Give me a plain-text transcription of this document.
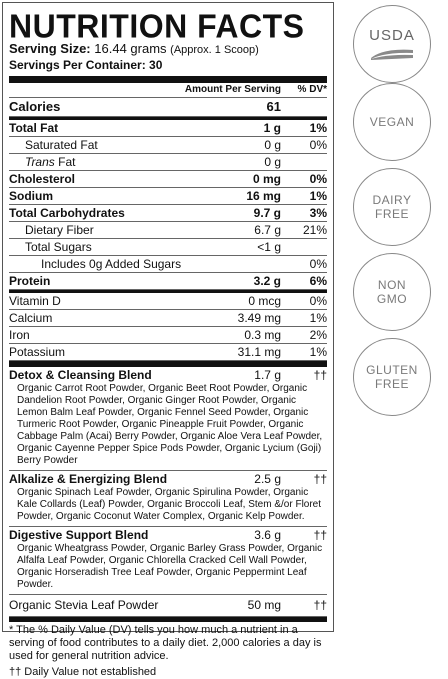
NUTRITION FACTS
Serving Size: 16.44 grams (Approx. 1 Scoop)
Servings Per Container: 30
Amount Per Serving	% DV*
Calories	61
Total Fat	1 g	1%
Saturated Fat	0 g	0%
Trans Fat	0 g
Cholesterol	0 mg	0%
Sodium	16 mg	1%
Total Carbohydrates	9.7 g	3%
Dietary Fiber	6.7 g	21%
Total Sugars	<1 g
Includes 0g Added Sugars	0%
Protein	3.2 g	6%
Vitamin D	0 mcg	0%
Calcium	3.49 mg	1%
Iron	0.3 mg	2%
Potassium	31.1 mg	1%
Detox & Cleansing Blend	1.7 g	††
Organic Carrot Root Powder, Organic Beet Root Powder, Organic Dandelion Root Powder, Organic Ginger Root Powder, Organic Lemon Balm Leaf Powder, Organic Fennel Seed Powder, Organic Turmeric Root Powder, Organic Pineapple Fruit Powder, Organic Cabbage Palm (Acai) Berry Powder, Organic Aloe Vera Leaf Powder, Organic Cayenne Pepper Spice Pods Powder, Organic Lycium (Goji) Berry Powder
Alkalize & Energizing Blend	2.5 g	††
Organic Spinach Leaf Powder, Organic Spirulina Powder, Organic Kale Collards (Leaf) Powder, Organic Broccoli Leaf, Stem &/or Floret Powder, Organic Coconut Water Complex, Organic Kelp Powder.
Digestive Support Blend	3.6 g	††
Organic Wheatgrass Powder, Organic Barley Grass Powder, Organic Alfalfa Leaf Powder, Organic Chlorella Cracked Cell Wall Powder, Organic Horseradish Tree Leaf Powder, Organic Peppermint Leaf Powder.
Organic Stevia Leaf Powder	50 mg	††

* The % Daily Value (DV) tells you how much a nutrient in a serving of food contributes to a daily diet. 2,000 calories a day is used for general nutrition advice.

†† Daily Value not established

USDA
VEGAN
DAIRY
FREE
NON
GMO
GLUTEN
FREE
